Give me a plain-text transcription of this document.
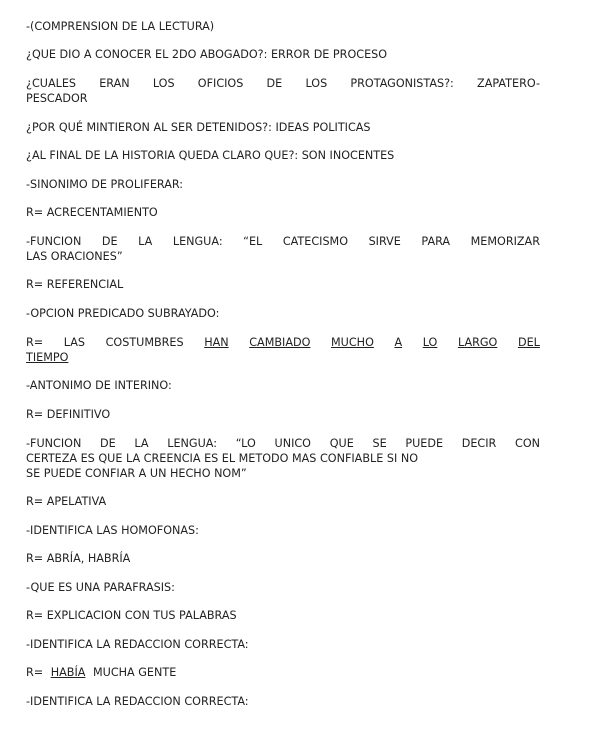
-(COMPRENSION DE LA LECTURA)

¿QUE DIO A CONOCER EL 2DO ABOGADO?: ERROR DE PROCESO

¿CUALES ERAN LOS OFICIOS DE LOS PROTAGONISTAS?: ZAPATERO-

PESCADOR

¿POR QUÉ MINTIERON AL SER DETENIDOS?: IDEAS POLITICAS

¿AL FINAL DE LA HISTORIA QUEDA CLARO QUE?: SON INOCENTES

-SINONIMO DE PROLIFERAR:

R= ACRECENTAMIENTO

-FUNCION DE LA LENGUA: “EL CATECISMO SIRVE PARA MEMORIZAR

LAS ORACIONES”

R= REFERENCIAL

-OPCION PREDICADO SUBRAYADO:

R= LAS COSTUMBRES HAN CAMBIADO MUCHO A LO LARGO DEL

TIEMPO

-ANTONIMO DE INTERINO:

R= DEFINITIVO

-FUNCION DE LA LENGUA: “LO UNICO QUE SE PUEDE DECIR CON

CERTEZA ES QUE LA CREENCIA ES EL METODO MAS CONFIABLE SI NO

SE PUEDE CONFIAR A UN HECHO NOM”

R= APELATIVA

-IDENTIFICA LAS HOMOFONAS:

R= ABRÍA, HABRÍA

-QUE ES UNA PARAFRASIS:

R= EXPLICACION CON TUS PALABRAS

-IDENTIFICA LA REDACCION CORRECTA:

R= HABÍA MUCHA GENTE

-IDENTIFICA LA REDACCION CORRECTA:
